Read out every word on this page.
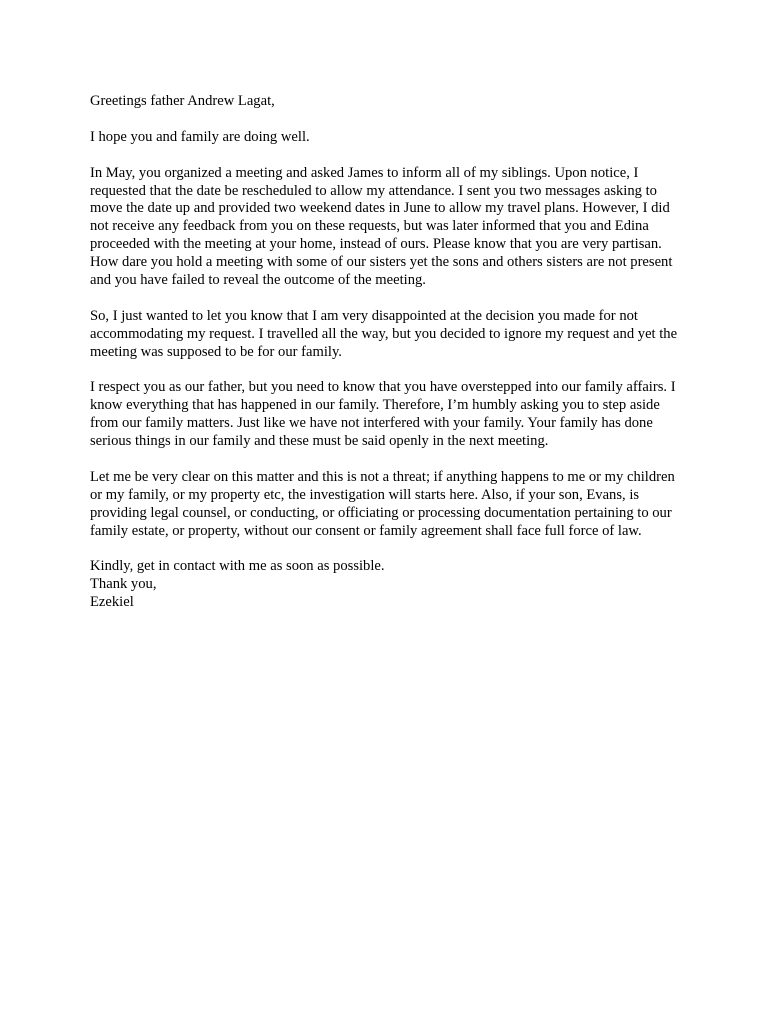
Greetings father Andrew Lagat,

I hope you and family are doing well.

In May, you organized a meeting and asked James to inform all of my siblings. Upon notice, I requested that the date be rescheduled to allow my attendance. I sent you two messages asking to move the date up and provided two weekend dates in June to allow my travel plans. However, I did not receive any feedback from you on these requests, but was later informed that you and Edina proceeded with the meeting at your home, instead of ours. Please know that you are very partisan. How dare you hold a meeting with some of our sisters yet the sons and others sisters are not present and you have failed to reveal the outcome of the meeting.

So, I just wanted to let you know that I am very disappointed at the decision you made for not accommodating my request. I travelled all the way, but you decided to ignore my request and yet the meeting was supposed to be for our family.

I respect you as our father, but you need to know that you have overstepped into our family affairs. I know everything that has happened in our family. Therefore, I’m humbly asking you to step aside from our family matters. Just like we have not interfered with your family. Your family has done serious things in our family and these must be said openly in the next meeting.

Let me be very clear on this matter and this is not a threat; if anything happens to me or my children or my family, or my property etc, the investigation will starts here. Also, if your son, Evans, is providing legal counsel, or conducting, or officiating or processing documentation pertaining to our family estate, or property, without our consent or family agreement shall face full force of law.

Kindly, get in contact with me as soon as possible.
Thank you,
Ezekiel
